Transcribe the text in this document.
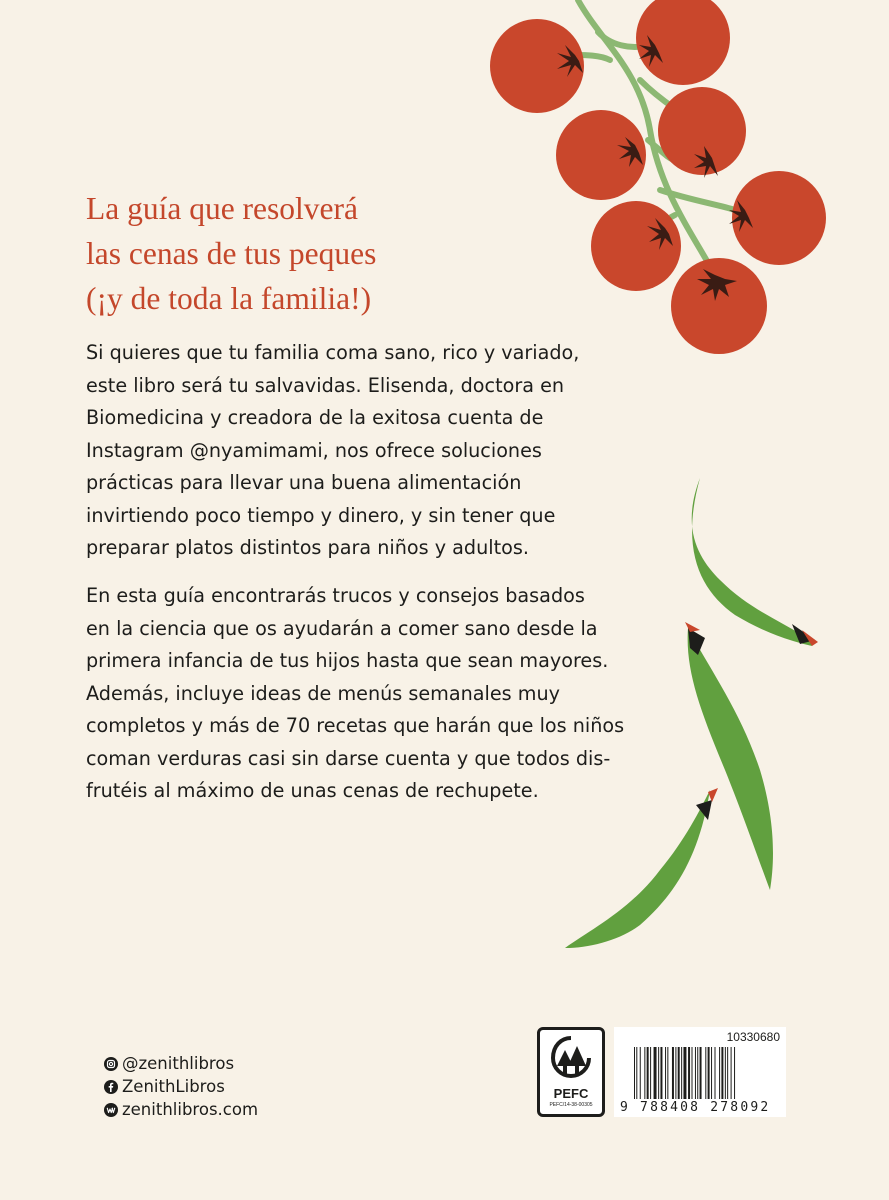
La guía que resolverá
las cenas de tus peques
(¡y de toda la familia!)
Si quieres que tu familia coma sano, rico y variado,
este libro será tu salvavidas. Elisenda, doctora en
Biomedicina y creadora de la exitosa cuenta de
Instagram @nyamimami, nos ofrece soluciones
prácticas para llevar una buena alimentación
invirtiendo poco tiempo y dinero, y sin tener que
preparar platos distintos para niños y adultos.
En esta guía encontrarás trucos y consejos basados
en la ciencia que os ayudarán a comer sano desde la
primera infancia de tus hijos hasta que sean mayores.
Además, incluye ideas de menús semanales muy
completos y más de 70 recetas que harán que los niños
coman verduras casi sin darse cuenta y que todos dis-
frutéis al máximo de unas cenas de rechupete.
@zenithlibros
ZenithLibros
zenithlibros.com
PEFC
PEFC/14-38-00305
10330680
9 788408 278092
